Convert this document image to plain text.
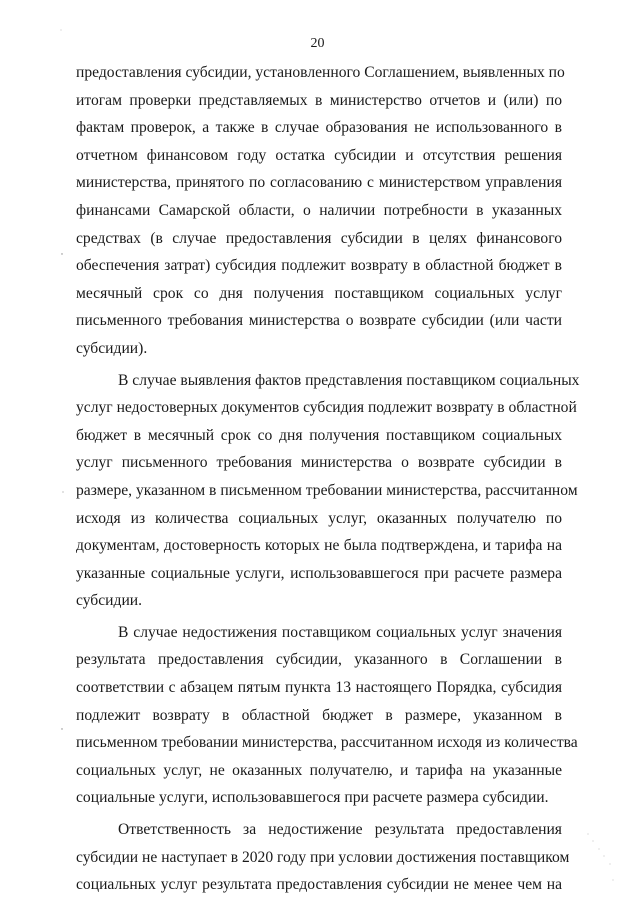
20
предоставления субсидии, установленного Соглашением, выявленных по
итогам проверки представляемых в министерство отчетов и (или) по
фактам проверок, а также в случае образования не использованного в
отчетном финансовом году остатка субсидии и отсутствия решения
министерства, принятого по согласованию с министерством управления
финансами Самарской области, о наличии потребности в указанных
средствах (в случае предоставления субсидии в целях финансового
обеспечения затрат) субсидия подлежит возврату в областной бюджет в
месячный срок со дня получения поставщиком социальных услуг
письменного требования министерства о возврате субсидии (или части
субсидии).
В случае выявления фактов представления поставщиком социальных
услуг недостоверных документов субсидия подлежит возврату в областной
бюджет в месячный срок со дня получения поставщиком социальных
услуг письменного требования министерства о возврате субсидии в
размере, указанном в письменном требовании министерства, рассчитанном
исходя из количества социальных услуг, оказанных получателю по
документам, достоверность которых не была подтверждена, и тарифа на
указанные социальные услуги, использовавшегося при расчете размера
субсидии.
В случае недостижения поставщиком социальных услуг значения
результата предоставления субсидии, указанного в Соглашении в
соответствии с абзацем пятым пункта 13 настоящего Порядка, субсидия
подлежит возврату в областной бюджет в размере, указанном в
письменном требовании министерства, рассчитанном исходя из количества
социальных услуг, не оказанных получателю, и тарифа на указанные
социальные услуги, использовавшегося при расчете размера субсидии.
Ответственность за недостижение результата предоставления
субсидии не наступает в 2020 году при условии достижения поставщиком
социальных услуг результата предоставления субсидии не менее чем на
